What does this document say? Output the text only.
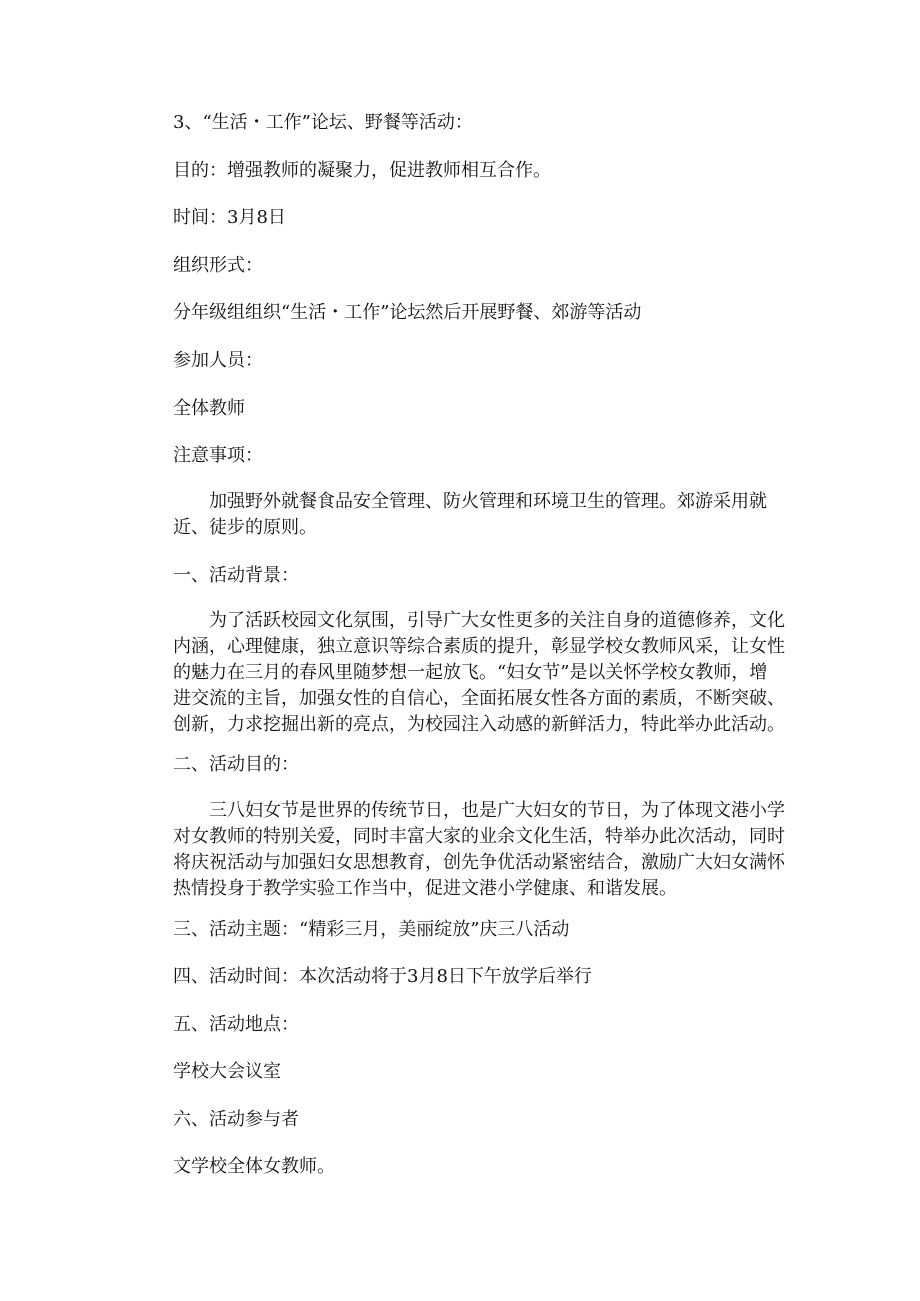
3、“生活・工作”论坛、野餐等活动：

目的：增强教师的凝聚力，促进教师相互合作。

时间：3月8日

组织形式：

分年级组组织“生活・工作”论坛然后开展野餐、郊游等活动

参加人员：

全体教师

注意事项：

　　加强野外就餐食品安全管理、防火管理和环境卫生的管理。郊游采用就
近、徒步的原则。

一、活动背景：

　　为了活跃校园文化氛围，引导广大女性更多的关注自身的道德修养，文化
内涵，心理健康，独立意识等综合素质的提升，彰显学校女教师风采，让女性
的魅力在三月的春风里随梦想一起放飞。“妇女节”是以关怀学校女教师，增
进交流的主旨，加强女性的自信心，全面拓展女性各方面的素质，不断突破、
创新，力求挖掘出新的亮点，为校园注入动感的新鲜活力，特此举办此活动。

二、活动目的：

　　三八妇女节是世界的传统节日，也是广大妇女的节日，为了体现文港小学
对女教师的特别关爱，同时丰富大家的业余文化生活，特举办此次活动，同时
将庆祝活动与加强妇女思想教育，创先争优活动紧密结合，激励广大妇女满怀
热情投身于教学实验工作当中，促进文港小学健康、和谐发展。

三、活动主题：“精彩三月，美丽绽放”庆三八活动

四、活动时间：本次活动将于3月8日下午放学后举行

五、活动地点：

学校大会议室

六、活动参与者

文学校全体女教师。
